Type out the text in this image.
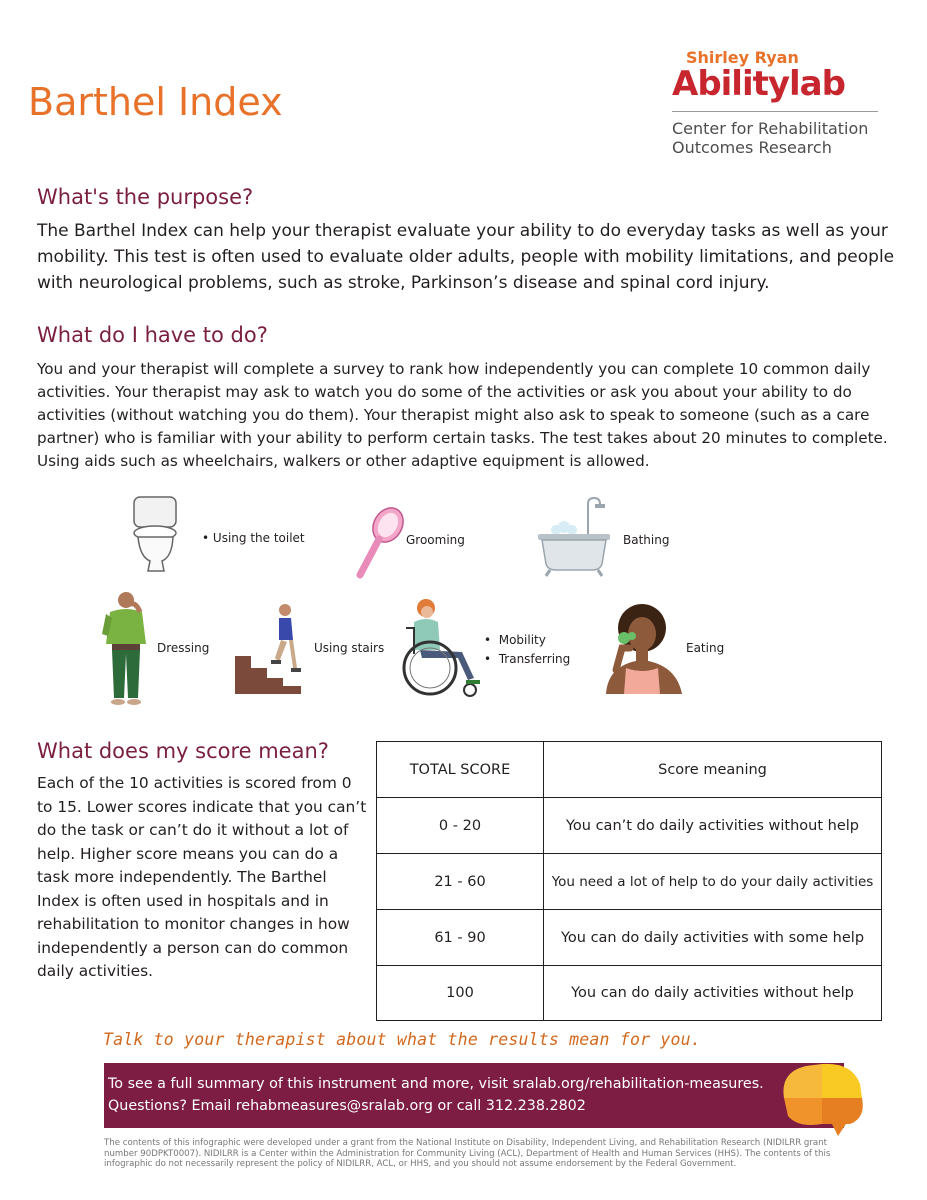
Barthel Index
Shirley Ryan
Abilitylab
Center for Rehabilitation
Outcomes Research
What's the purpose?
The Barthel Index can help your therapist evaluate your ability to do everyday tasks as well as your mobility. This test is often used to evaluate older adults, people with mobility limitations, and people with neurological problems, such as stroke, Parkinson’s disease and spinal cord injury.
What do I have to do?
You and your therapist will complete a survey to rank how independently you can complete 10 common daily activities. Your therapist may ask to watch you do some of the activities or ask you about your ability to do activities (without watching you do them). Your therapist might also ask to speak to someone (such as a care partner) who is familiar with your ability to perform certain tasks. The test takes about 20 minutes to complete. Using aids such as wheelchairs, walkers or other adaptive equipment is allowed.
• Using the toilet	Grooming	Bathing
Dressing	Using stairs
•  Mobility
•  Transferring
Eating
What does my score mean?
Each of the 10 activities is scored from 0 to 15. Lower scores indicate that you can’t do the task or can’t do it without a lot of help. Higher score means you can do a task more independently. The Barthel Index is often used in hospitals and in rehabilitation to monitor changes in how independently a person can do common daily activities.
TOTAL SCORE	Score meaning
0 - 20	You can’t do daily activities without help
21 - 60	You need a lot of help to do your daily activities
61 - 90	You can do daily activities with some help
100	You can do daily activities without help
Talk to your therapist about what the results mean for you.
To see a full summary of this instrument and more, visit sralab.org/rehabilitation-measures.
Questions? Email rehabmeasures@sralab.org or call 312.238.2802
The contents of this infographic were developed under a grant from the National Institute on Disability, Independent Living, and Rehabilitation Research (NIDILRR grant number 90DPKT0007). NIDILRR is a Center within the Administration for Community Living (ACL), Department of Health and Human Services (HHS). The contents of this infographic do not necessarily represent the policy of NIDILRR, ACL, or HHS, and you should not assume endorsement by the Federal Government.
